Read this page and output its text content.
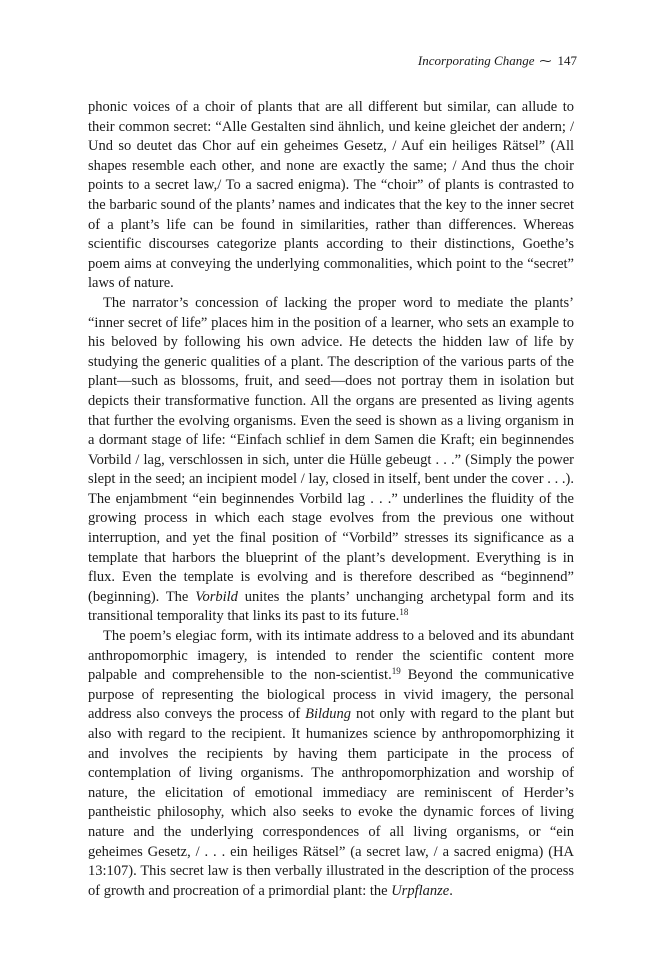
Incorporating Change ⁓ 147

phonic voices of a choir of plants that are all different but similar, can allude to their common secret: “Alle Gestalten sind ähnlich, und keine gleichet der andern; / Und so deutet das Chor auf ein geheimes Gesetz, / Auf ein heiliges Rätsel” (All shapes resemble each other, and none are exactly the same; / And thus the choir points to a secret law,/ To a sacred enigma). The “choir” of plants is contrasted to the barbaric sound of the plants’ names and indicates that the key to the inner secret of a plant’s life can be found in similarities, rather than differences. Whereas scientific discourses categorize plants according to their distinctions, Goethe’s poem aims at conveying the underlying commonalities, which point to the “secret” laws of nature.

The narrator’s concession of lacking the proper word to mediate the plants’ “inner secret of life” places him in the position of a learner, who sets an example to his beloved by following his own advice. He detects the hidden law of life by studying the generic qualities of a plant. The description of the various parts of the plant—such as blossoms, fruit, and seed—does not portray them in isolation but depicts their transformative function. All the organs are presented as living agents that further the evolving organisms. Even the seed is shown as a living organism in a dormant stage of life: “Einfach schlief in dem Samen die Kraft; ein beginnendes Vorbild / lag, verschlossen in sich, unter die Hülle gebeugt . . .” (Simply the power slept in the seed; an incipient model / lay, closed in itself, bent under the cover . . .). The enjambment “ein beginnendes Vorbild lag . . .” underlines the fluidity of the growing process in which each stage evolves from the previous one without interruption, and yet the final position of “Vorbild” stresses its significance as a template that harbors the blueprint of the plant’s development. Everything is in flux. Even the template is evolving and is therefore described as “beginnend” (beginning). The Vorbild unites the plants’ unchanging archetypal form and its transitional temporality that links its past to its future.$^{18}$

The poem’s elegiac form, with its intimate address to a beloved and its abundant anthropomorphic imagery, is intended to render the scientific content more palpable and comprehensible to the non-scientist.$^{19}$ Beyond the communicative purpose of representing the biological process in vivid imagery, the personal address also conveys the process of Bildung not only with regard to the plant but also with regard to the recipient. It humanizes science by anthropomorphizing it and involves the recipients by having them participate in the process of contemplation of living organisms. The anthropomorphization and worship of nature, the elicitation of emotional immediacy are reminiscent of Herder’s pantheistic philosophy, which also seeks to evoke the dynamic forces of living nature and the underlying correspondences of all living organisms, or “ein geheimes Gesetz, / . . . ein heiliges Rätsel” (a secret law, / a sacred enigma) (HA 13:107). This secret law is then verbally illustrated in the description of the process of growth and procreation of a primordial plant: the Urpflanze.
